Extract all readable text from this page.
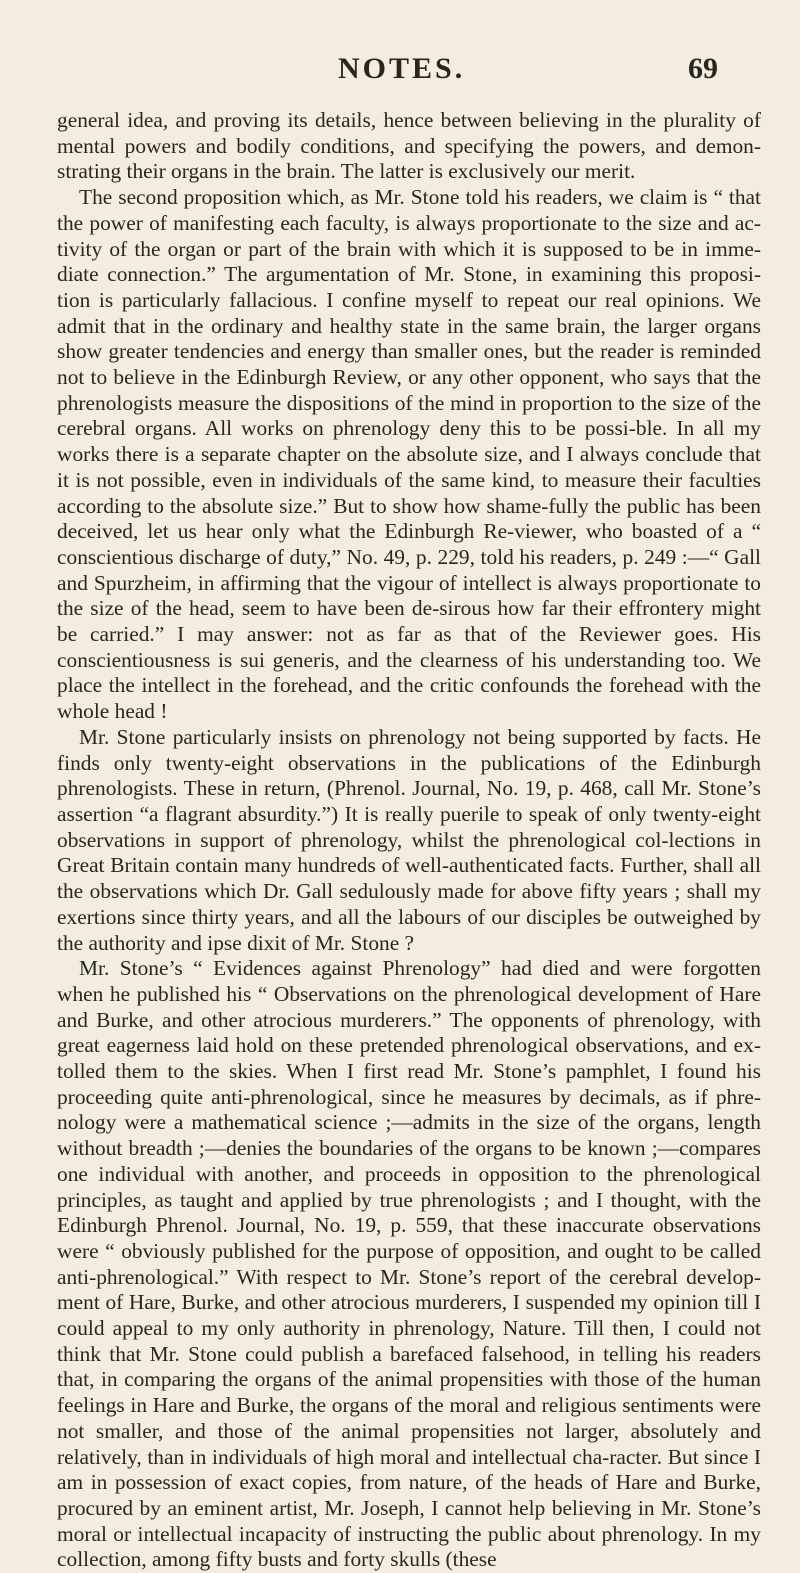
NOTES.	69

general idea, and proving its details, hence between believing in the plurality of mental powers and bodily conditions, and specifying the powers, and demon-strating their organs in the brain. The latter is exclusively our merit.

The second proposition which, as Mr. Stone told his readers, we claim is “ that the power of manifesting each faculty, is always proportionate to the size and ac-tivity of the organ or part of the brain with which it is supposed to be in imme-diate connection.” The argumentation of Mr. Stone, in examining this proposi-tion is particularly fallacious. I confine myself to repeat our real opinions. We admit that in the ordinary and healthy state in the same brain, the larger organs show greater tendencies and energy than smaller ones, but the reader is reminded not to believe in the Edinburgh Review, or any other opponent, who says that the phrenologists measure the dispositions of the mind in proportion to the size of the cerebral organs. All works on phrenology deny this to be possi-ble. In all my works there is a separate chapter on the absolute size, and I always conclude that it is not possible, even in individuals of the same kind, to measure their faculties according to the absolute size.” But to show how shame-fully the public has been deceived, let us hear only what the Edinburgh Re-viewer, who boasted of a “ conscientious discharge of duty,” No. 49, p. 229, told his readers, p. 249 :—“ Gall and Spurzheim, in affirming that the vigour of intellect is always proportionate to the size of the head, seem to have been de-sirous how far their effrontery might be carried.” I may answer: not as far as that of the Reviewer goes. His conscientiousness is sui generis, and the clearness of his understanding too. We place the intellect in the forehead, and the critic confounds the forehead with the whole head !

Mr. Stone particularly insists on phrenology not being supported by facts. He finds only twenty-eight observations in the publications of the Edinburgh phrenologists. These in return, (Phrenol. Journal, No. 19, p. 468, call Mr. Stone’s assertion “a flagrant absurdity.”) It is really puerile to speak of only twenty-eight observations in support of phrenology, whilst the phrenological col-lections in Great Britain contain many hundreds of well-authenticated facts. Further, shall all the observations which Dr. Gall sedulously made for above fifty years ; shall my exertions since thirty years, and all the labours of our disciples be outweighed by the authority and ipse dixit of Mr. Stone ?

Mr. Stone’s “ Evidences against Phrenology” had died and were forgotten when he published his “ Observations on the phrenological development of Hare and Burke, and other atrocious murderers.” The opponents of phrenology, with great eagerness laid hold on these pretended phrenological observations, and ex-tolled them to the skies. When I first read Mr. Stone’s pamphlet, I found his proceeding quite anti-phrenological, since he measures by decimals, as if phre-nology were a mathematical science ;—admits in the size of the organs, length without breadth ;—denies the boundaries of the organs to be known ;—compares one individual with another, and proceeds in opposition to the phrenological principles, as taught and applied by true phrenologists ; and I thought, with the Edinburgh Phrenol. Journal, No. 19, p. 559, that these inaccurate observations were “ obviously published for the purpose of opposition, and ought to be called anti-phrenological.” With respect to Mr. Stone’s report of the cerebral develop-ment of Hare, Burke, and other atrocious murderers, I suspended my opinion till I could appeal to my only authority in phrenology, Nature. Till then, I could not think that Mr. Stone could publish a barefaced falsehood, in telling his readers that, in comparing the organs of the animal propensities with those of the human feelings in Hare and Burke, the organs of the moral and religious sentiments were not smaller, and those of the animal propensities not larger, absolutely and relatively, than in individuals of high moral and intellectual cha-racter. But since I am in possession of exact copies, from nature, of the heads of Hare and Burke, procured by an eminent artist, Mr. Joseph, I cannot help believing in Mr. Stone’s moral or intellectual incapacity of instructing the public about phrenology. In my collection, among fifty busts and forty skulls (these
